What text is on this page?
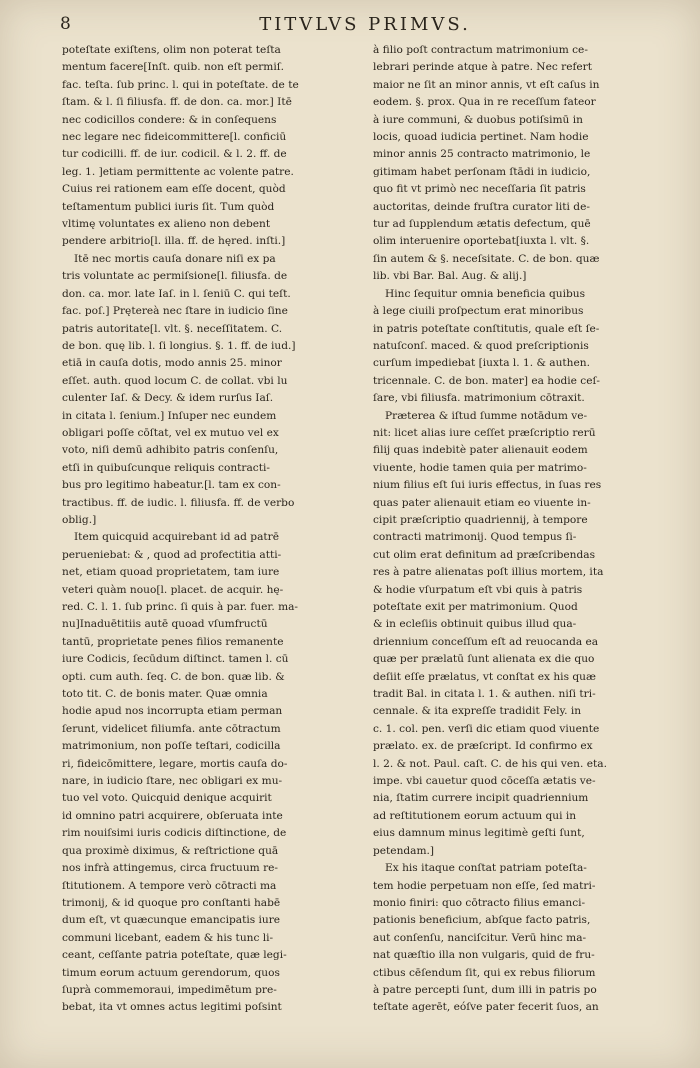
8	TITVLVS PRIMVS.
poteſtate exiſtens, olim non poterat teſta
mentum facere[Inſt. quib. non eſt permiſ.
fac. teſta. ſub princ. l. qui in poteſtate. de te
ſtam. & l. ſi filiusfa. ff. de don. ca. mor.] Itē
nec codicillos condere: & in conſequens
nec legare nec fideicommittere[l. conficiū
tur codicilli. ff. de iur. codicil. & l. 2. ff. de
leg. 1. ]etiam permittente ac volente patre.
Cuius rei rationem eam eſſe docent, quòd
teſtamentum publici iuris ſit. Tum quòd
vltimę voluntates ex alieno non debent
pendere arbitrio[l. illa. ff. de hęred. inſti.]
Itē nec mortis cauſa donare niſi ex pa
tris voluntate ac permiſsione[l. filiusfa. de
don. ca. mor. late Iaſ. in l. ſeniū C. qui teſt.
fac. poſ.] Prętereà nec ſtare in iudicio ſine
patris autoritate[l. vlt. §. neceſſitatem. C.
de bon. quę lib. l. ſi longius. §. 1. ff. de iud.]
etiā in cauſa dotis, modo annis 25. minor
eſſet. auth. quod locum C. de collat. vbi lu
culenter Iaſ. & Decy. & idem rurſus Iaſ.
in citata l. ſenium.] Inſuper nec eundem
obligari poſſe cōſtat, vel ex mutuo vel ex
voto, niſi demū adhibito patris conſenſu,
etſi in quibuſcunque reliquis contracti-
bus pro legitimo habeatur.[l. tam ex con-
tractibus. ff. de iudic. l. filiusfa. ff. de verbo
oblig.]
Item quicquid acquirebant id ad patrē
perueniebat: & , quod ad profectitia atti-
net, etiam quoad proprietatem, tam iure
veteri quàm nouo[l. placet. de acquir. hę-
red. C. l. 1. ſub princ. ſi quis à par. fuer. ma-
nu]Inaduētitiis autē quoad vſumfructū
tantū, proprietate penes filios remanente
iure Codicis, ſecūdum diſtinct. tamen l. cū
opti. cum auth. ſeq. C. de bon. quæ lib. &
toto tit. C. de bonis mater. Quæ omnia
hodie apud nos incorrupta etiam perman
ſerunt, videlicet filiumfa. ante cōtractum
matrimonium, non poſſe teſtari, codicilla
ri, fideicōmittere, legare, mortis cauſa do-
nare, in iudicio ſtare, nec obligari ex mu-
tuo vel voto. Quicquid denique acquirit
id omnino patri acquirere, obſeruata inte
rim nouiſsimi iuris codicis diſtinctione, de
qua proximè diximus, & reſtrictione quā
nos infrà attingemus, circa fructuum re-
ſtitutionem. A tempore verò cōtracti ma
trimonij, & id quoque pro conſtanti habē
dum eſt, vt quæcunque emancipatis iure
communi licebant, eadem & his tunc li-
ceant, ceſſante patria poteſtate, quæ legi-
timum eorum actuum gerendorum, quos
ſuprà commemoraui, impedimētum pre-
bebat, ita vt omnes actus legitimi poſsint
à filio poſt contractum matrimonium ce-
lebrari perinde atque à patre. Nec refert
maior ne ſit an minor annis, vt eſt caſus in
eodem. §. prox. Qua in re receſſum fateor
à iure communi, & duobus potiſsimū in
locis, quoad iudicia pertinet. Nam hodie
minor annis 25 contracto matrimonio, le
gitimam habet perſonam ſtādi in iudicio,
quo fit vt primò nec neceſſaria ſit patris
auctoritas, deinde fruſtra curator liti de-
tur ad ſupplendum ætatis defectum, quē
olim interuenire oportebat[iuxta l. vlt. §.
ſin autem & §. neceſsitate. C. de bon. quæ
lib. vbi Bar. Bal. Aug. & alij.]
Hinc ſequitur omnia beneficia quibus
à lege ciuili proſpectum erat minoribus
in patris poteſtate conſtitutis, quale eſt ſe-
natuſconſ. maced. & quod preſcriptionis
curſum impediebat [iuxta l. 1. & authen.
tricennale. C. de bon. mater] ea hodie ceſ-
ſare, vbi filiusfa. matrimonium cōtraxit.
Præterea & iſtud ſumme notādum ve-
nit: licet alias iure ceſſet præſcriptio rerū
filij quas indebitè pater alienauit eodem
viuente, hodie tamen quia per matrimo-
nium filius eſt ſui iuris effectus, in ſuas res
quas pater alienauit etiam eo viuente in-
cipit præſcriptio quadriennij, à tempore
contracti matrimonij. Quod tempus ſi-
cut olim erat definitum ad præſcribendas
res à patre alienatas poſt illius mortem, ita
& hodie vſurpatum eſt vbi quis à patris
poteſtate exit per matrimonium. Quod
& in ecleſiis obtinuit quibus illud qua-
driennium conceſſum eſt ad reuocanda ea
quæ per prælatū ſunt alienata ex die quo
deſiit eſſe prælatus, vt conſtat ex his quæ
tradit Bal. in citata l. 1. & authen. niſi tri-
cennale. & ita expreſſe tradidit Fely. in
c. 1. col. pen. verſi dic etiam quod viuente
prælato. ex. de præſcript. Id confirmo ex
l. 2. & not. Paul. caſt. C. de his qui ven. eta.
impe. vbi cauetur quod cōceſſa ætatis ve-
nia, ſtatim currere incipit quadriennium
ad reſtitutionem eorum actuum qui in
eius damnum minus legitimè geſti ſunt,
petendam.]
Ex his itaque conſtat patriam poteſta-
tem hodie perpetuam non eſſe, ſed matri-
monio finiri: quo cōtracto filius emanci-
pationis beneficium, abſque facto patris,
aut conſenſu, nanciſcitur. Verū hinc ma-
nat quæſtio illa non vulgaris, quid de fru-
ctibus cēſendum ſit, qui ex rebus filiorum
à patre percepti ſunt, dum illi in patris po
teſtate agerēt, eóſve pater fecerit ſuos, an
